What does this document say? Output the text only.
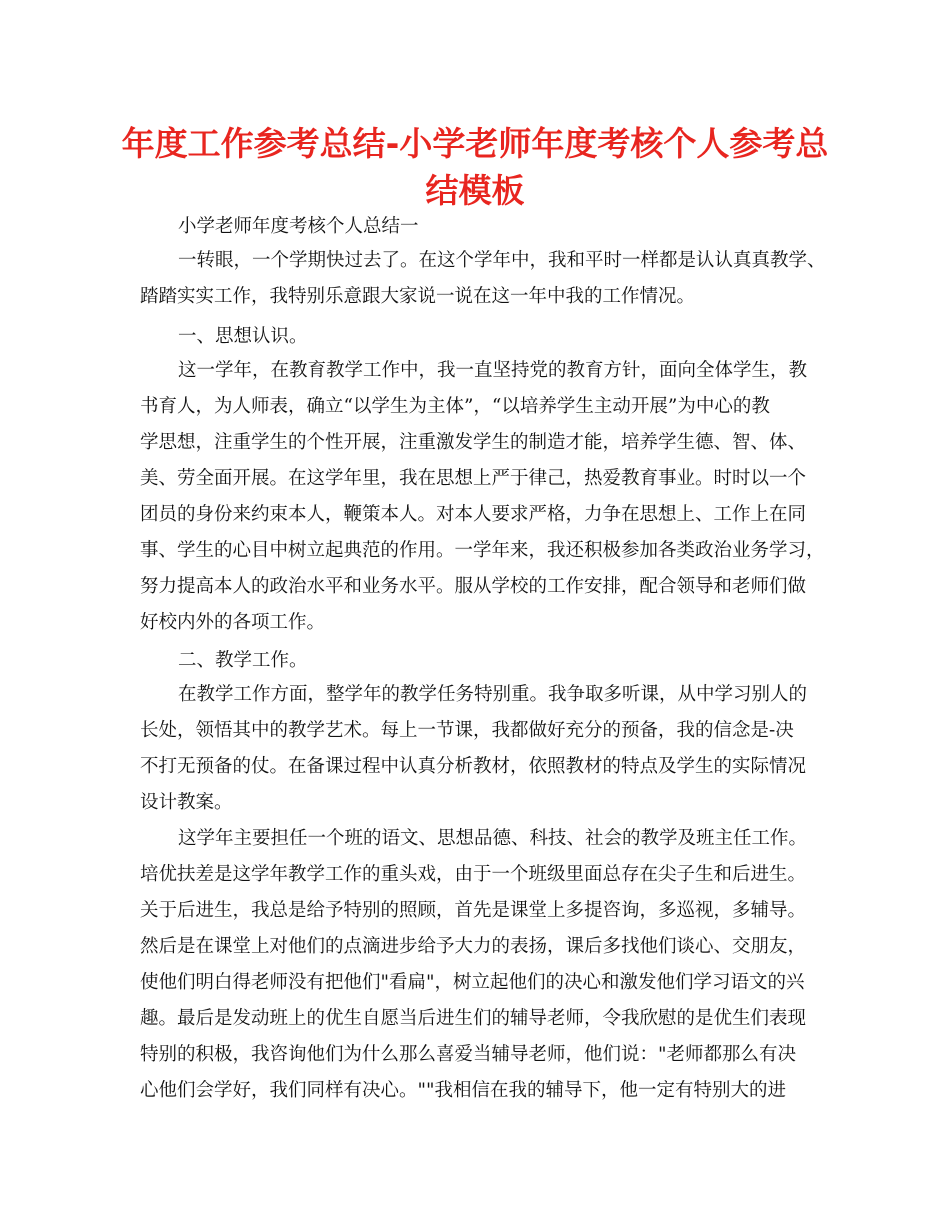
年度工作参考总结-小学老师年度考核个人参考总
结模板
小学老师年度考核个人总结一
一转眼，一个学期快过去了。在这个学年中，我和平时一样都是认认真真教学、
踏踏实实工作，我特别乐意跟大家说一说在这一年中我的工作情况。
一、思想认识。
这一学年，在教育教学工作中，我一直坚持党的教育方针，面向全体学生，教
书育人，为人师表，确立“以学生为主体”，“以培养学生主动开展”为中心的教
学思想，注重学生的个性开展，注重激发学生的制造才能，培养学生德、智、体、
美、劳全面开展。在这学年里，我在思想上严于律己，热爱教育事业。时时以一个
团员的身份来约束本人，鞭策本人。对本人要求严格，力争在思想上、工作上在同
事、学生的心目中树立起典范的作用。一学年来，我还积极参加各类政治业务学习，
努力提高本人的政治水平和业务水平。服从学校的工作安排，配合领导和老师们做
好校内外的各项工作。
二、教学工作。
在教学工作方面，整学年的教学任务特别重。我争取多听课，从中学习别人的
长处，领悟其中的教学艺术。每上一节课，我都做好充分的预备，我的信念是-决
不打无预备的仗。在备课过程中认真分析教材，依照教材的特点及学生的实际情况
设计教案。
这学年主要担任一个班的语文、思想品德、科技、社会的教学及班主任工作。
培优扶差是这学年教学工作的重头戏，由于一个班级里面总存在尖子生和后进生。
关于后进生，我总是给予特别的照顾，首先是课堂上多提咨询，多巡视，多辅导。
然后是在课堂上对他们的点滴进步给予大力的表扬，课后多找他们谈心、交朋友，
使他们明白得老师没有把他们"看扁"，树立起他们的决心和激发他们学习语文的兴
趣。最后是发动班上的优生自愿当后进生们的辅导老师，令我欣慰的是优生们表现
特别的积极，我咨询他们为什么那么喜爱当辅导老师，他们说："老师都那么有决
心他们会学好，我们同样有决心。""我相信在我的辅导下，他一定有特别大的进
